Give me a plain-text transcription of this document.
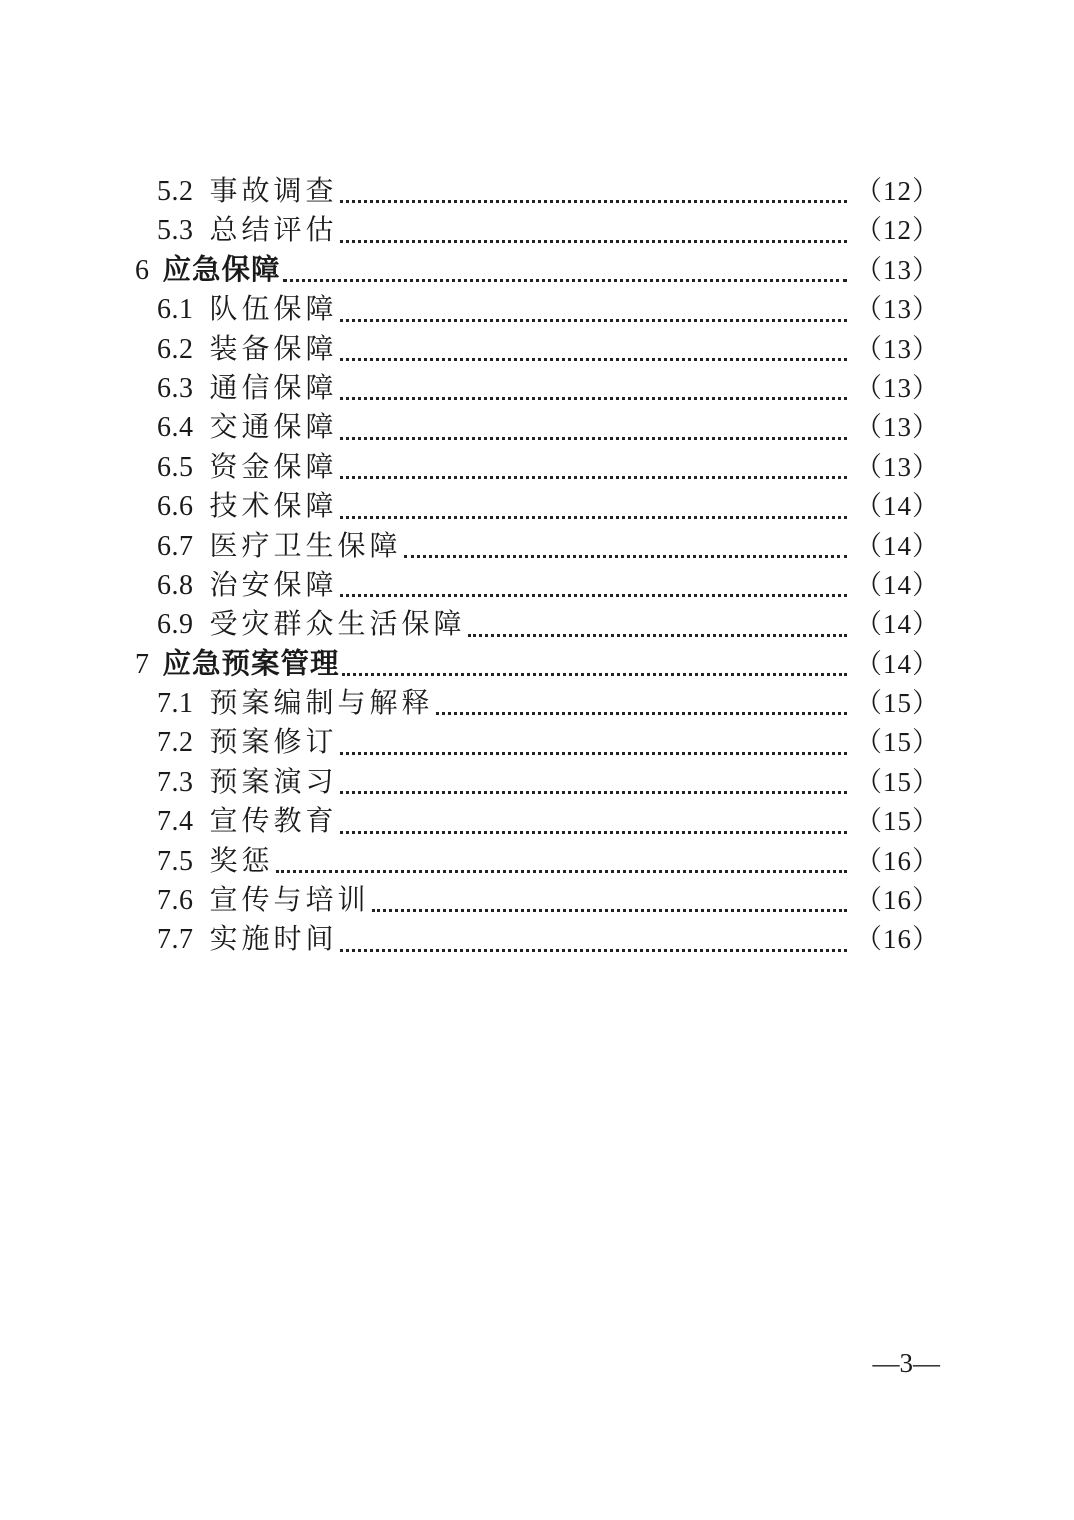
5.2 事故调查	（12）
5.3 总结评估	（12）
6 应急保障	（13）
6.1 队伍保障	（13）
6.2 装备保障	（13）
6.3 通信保障	（13）
6.4 交通保障	（13）
6.5 资金保障	（13）
6.6 技术保障	（14）
6.7 医疗卫生保障	（14）
6.8 治安保障	（14）
6.9 受灾群众生活保障	（14）
7 应急预案管理	（14）
7.1 预案编制与解释	（15）
7.2 预案修订	（15）
7.3 预案演习	（15）
7.4 宣传教育	（15）
7.5 奖惩	（16）
7.6 宣传与培训	（16）
7.7 实施时间	（16）
—3—
